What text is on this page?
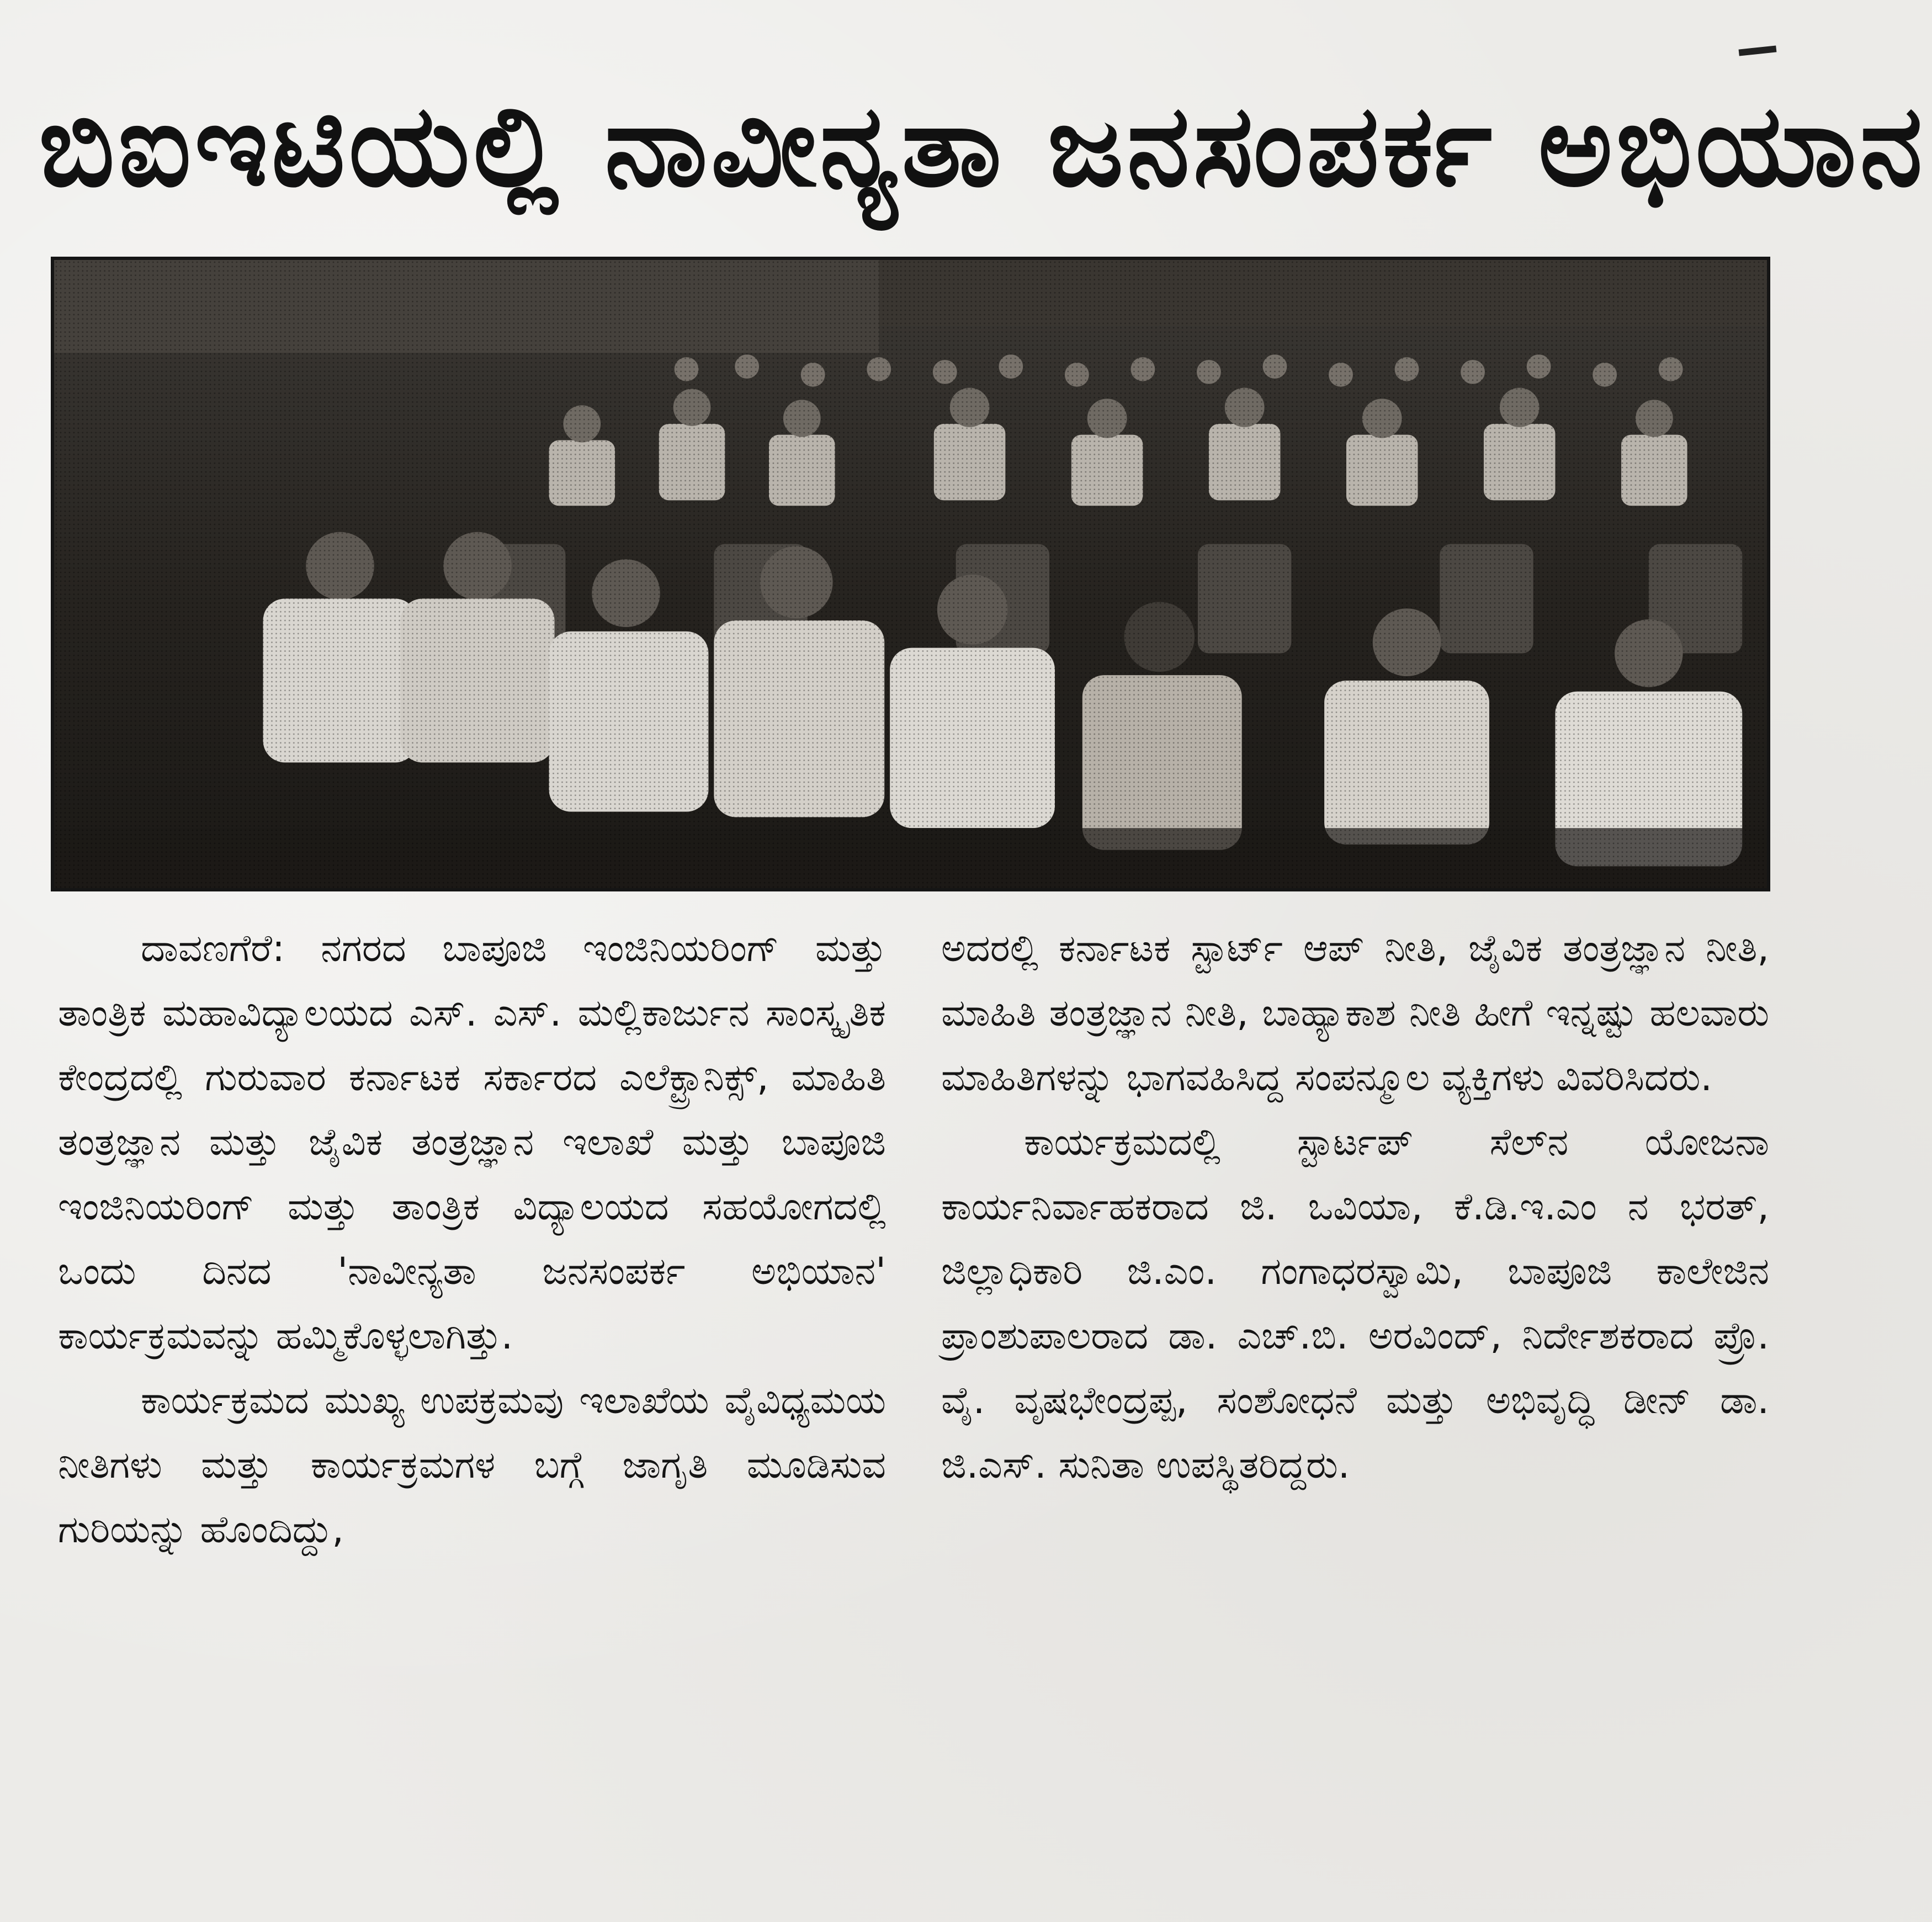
ಬಿಐಇಟಿಯಲ್ಲಿ ನಾವೀನ್ಯತಾ ಜನಸಂಪರ್ಕ ಅಭಿಯಾನ

ದಾವಣಗೆರೆ: ನಗರದ ಬಾಪೂಜಿ ಇಂಜಿನಿಯರಿಂಗ್ ಮತ್ತು ತಾಂತ್ರಿಕ ಮಹಾವಿದ್ಯಾಲಯದ ಎಸ್. ಎಸ್. ಮಲ್ಲಿಕಾರ್ಜುನ ಸಾಂಸ್ಕೃತಿಕ ಕೇಂದ್ರದಲ್ಲಿ ಗುರುವಾರ ಕರ್ನಾಟಕ ಸರ್ಕಾರದ ಎಲೆಕ್ಟ್ರಾನಿಕ್ಸ್, ಮಾಹಿತಿ ತಂತ್ರಜ್ಞಾನ ಮತ್ತು ಜೈವಿಕ ತಂತ್ರಜ್ಞಾನ ಇಲಾಖೆ ಮತ್ತು ಬಾಪೂಜಿ ಇಂಜಿನಿಯರಿಂಗ್ ಮತ್ತು ತಾಂತ್ರಿಕ ವಿದ್ಯಾಲಯದ ಸಹಯೋಗದಲ್ಲಿ ಒಂದು ದಿನದ 'ನಾವೀನ್ಯತಾ ಜನಸಂಪರ್ಕ ಅಭಿಯಾನ' ಕಾರ್ಯಕ್ರಮವನ್ನು ಹಮ್ಮಿಕೊಳ್ಳಲಾಗಿತ್ತು.

ಕಾರ್ಯಕ್ರಮದ ಮುಖ್ಯ ಉಪಕ್ರಮವು ಇಲಾಖೆಯ ವೈವಿಧ್ಯಮಯ ನೀತಿಗಳು ಮತ್ತು ಕಾರ್ಯಕ್ರಮಗಳ ಬಗ್ಗೆ ಜಾಗೃತಿ ಮೂಡಿಸುವ ಗುರಿಯನ್ನು ಹೊಂದಿದ್ದು,

ಅದರಲ್ಲಿ ಕರ್ನಾಟಕ ಸ್ಟಾರ್ಟ್ ಆಪ್ ನೀತಿ, ಜೈವಿಕ ತಂತ್ರಜ್ಞಾನ ನೀತಿ, ಮಾಹಿತಿ ತಂತ್ರಜ್ಞಾನ ನೀತಿ, ಬಾಹ್ಯಾಕಾಶ ನೀತಿ ಹೀಗೆ ಇನ್ನಷ್ಟು ಹಲವಾರು ಮಾಹಿತಿಗಳನ್ನು ಭಾಗವಹಿಸಿದ್ದ ಸಂಪನ್ಮೂಲ ವ್ಯಕ್ತಿಗಳು ವಿವರಿಸಿದರು.

ಕಾರ್ಯಕ್ರಮದಲ್ಲಿ ಸ್ಟಾರ್ಟಪ್ ಸೆಲ್‌ನ ಯೋಜನಾ ಕಾರ್ಯನಿರ್ವಾಹಕರಾದ ಜಿ. ಒವಿಯಾ, ಕೆ.ಡಿ.ಇ.ಎಂ ನ ಭರತ್, ಜಿಲ್ಲಾಧಿಕಾರಿ ಜಿ.ಎಂ. ಗಂಗಾಧರಸ್ವಾಮಿ, ಬಾಪೂಜಿ ಕಾಲೇಜಿನ ಪ್ರಾಂಶುಪಾಲರಾದ ಡಾ. ಎಚ್.ಬಿ. ಅರವಿಂದ್, ನಿರ್ದೇಶಕರಾದ ಪ್ರೊ. ವೈ. ವೃಷಭೇಂದ್ರಪ್ಪ, ಸಂಶೋಧನೆ ಮತ್ತು ಅಭಿವೃದ್ಧಿ ಡೀನ್ ಡಾ. ಜಿ.ಎಸ್. ಸುನಿತಾ ಉಪಸ್ಥಿತರಿದ್ದರು.
